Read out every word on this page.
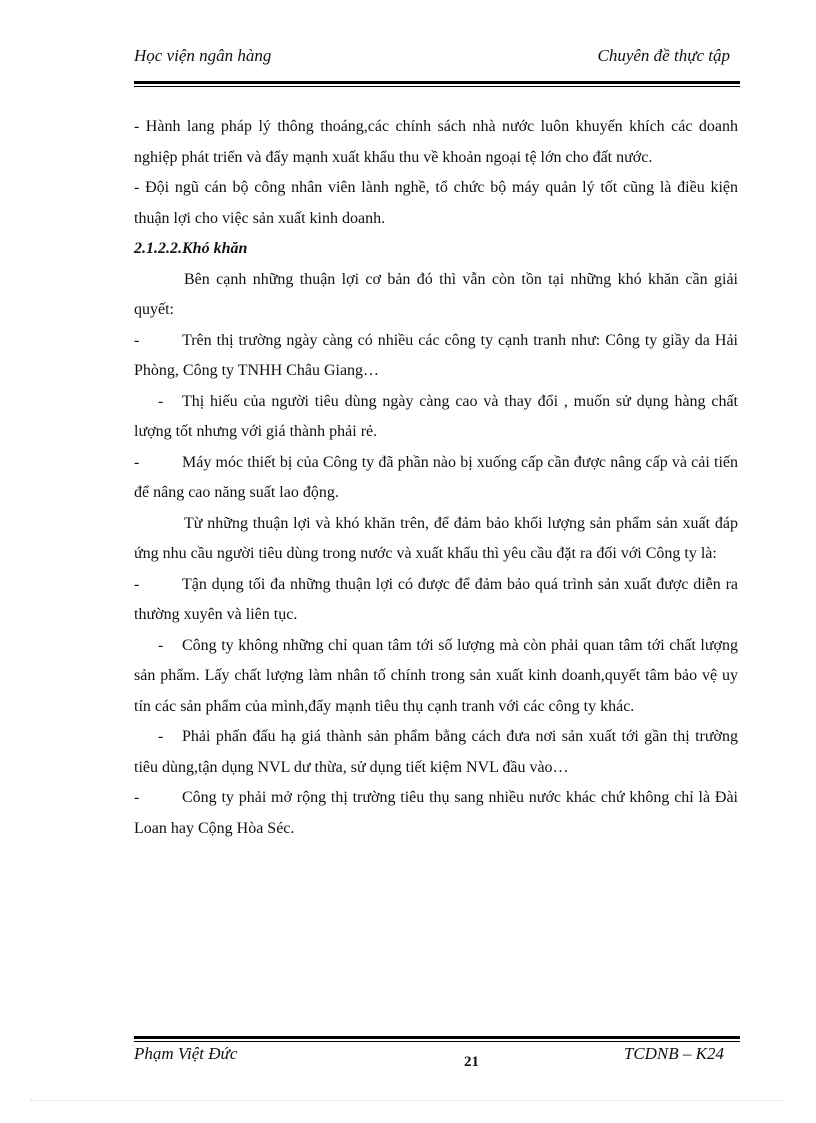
Học viện ngân hàng	Chuyên đề thực tập

- Hành lang pháp lý thông thoáng,các chính sách nhà nước luôn khuyến khích các doanh nghiệp phát triển và đẩy mạnh xuất khẩu thu về khoản ngoại tệ lớn cho đất nước.

- Đội ngũ cán bộ công nhân viên lành nghề, tổ chức bộ máy quản lý tốt cũng là điều kiện thuận lợi cho việc sản xuất kinh doanh.

2.1.2.2.Khó khăn

Bên cạnh những thuận lợi cơ bản đó thì vẫn còn tồn tại những khó khăn cần giải quyết:

-	Trên thị trường ngày càng có nhiều các công ty cạnh tranh như: Công ty giầy da Hải Phòng, Công ty TNHH Châu Giang…

- Thị hiếu của người tiêu dùng ngày càng cao và thay đổi , muốn sử dụng hàng chất lượng tốt nhưng với giá thành phải rẻ.

-	Máy móc thiết bị của Công ty đã phần nào bị xuống cấp cần được nâng cấp và cải tiến để nâng cao năng suất lao động.

Từ những thuận lợi và khó khăn trên, để đảm bảo khối lượng sản phẩm sản xuất đáp ứng nhu cầu người tiêu dùng trong nước và xuất khẩu thì yêu cầu đặt ra đối với Công ty là:

-	Tận dụng tối đa những thuận lợi có được để đảm bảo quá trình sản xuất được diễn ra thường xuyên và liên tục.

- Công ty không những chỉ quan tâm tới số lượng mà còn phải quan tâm tới chất lượng sản phẩm. Lấy chất lượng làm nhân tố chính trong sản xuất kinh doanh,quyết tâm bảo vệ uy tín các sản phẩm của mình,đẩy mạnh tiêu thụ cạnh tranh với các công ty khác.

- Phải phấn đấu hạ giá thành sản phẩm bằng cách đưa nơi sản xuất tới gần thị trường tiêu dùng,tận dụng NVL dư thừa, sử dụng tiết kiệm NVL đầu vào…

-	Công ty phải mở rộng thị trường tiêu thụ sang nhiều nước khác chứ không chỉ là Đài Loan hay Cộng Hòa Séc.

Phạm Việt Đức	21	TCDNB – K24
